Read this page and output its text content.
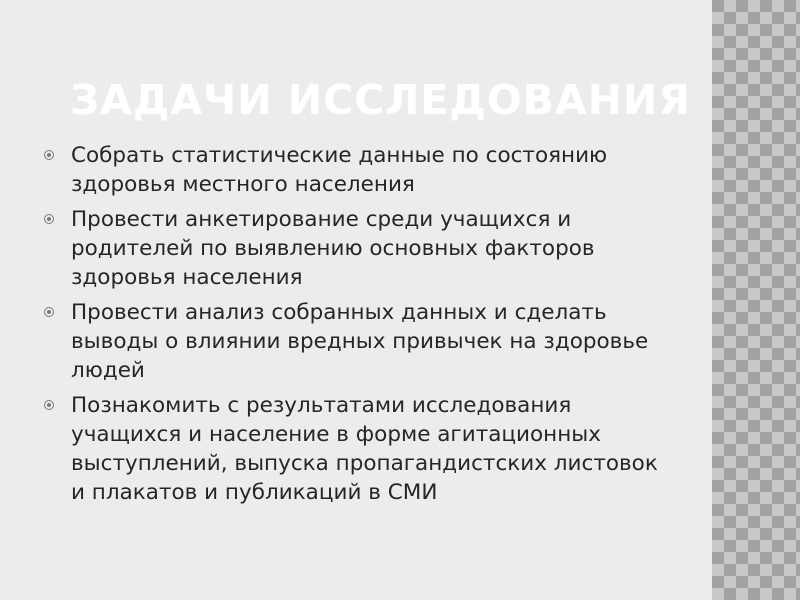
ЗАДАЧИ ИССЛЕДОВАНИЯ
Собрать статистические данные по состоянию здоровья местного населения
Провести анкетирование среди учащихся и родителей по выявлению основных факторов здоровья населения
Провести анализ собранных данных и сделать выводы о влиянии вредных привычек на здоровье людей
Познакомить с результатами исследования учащихся и население в форме агитационных выступлений, выпуска пропагандистских листовок и плакатов и публикаций в СМИ
